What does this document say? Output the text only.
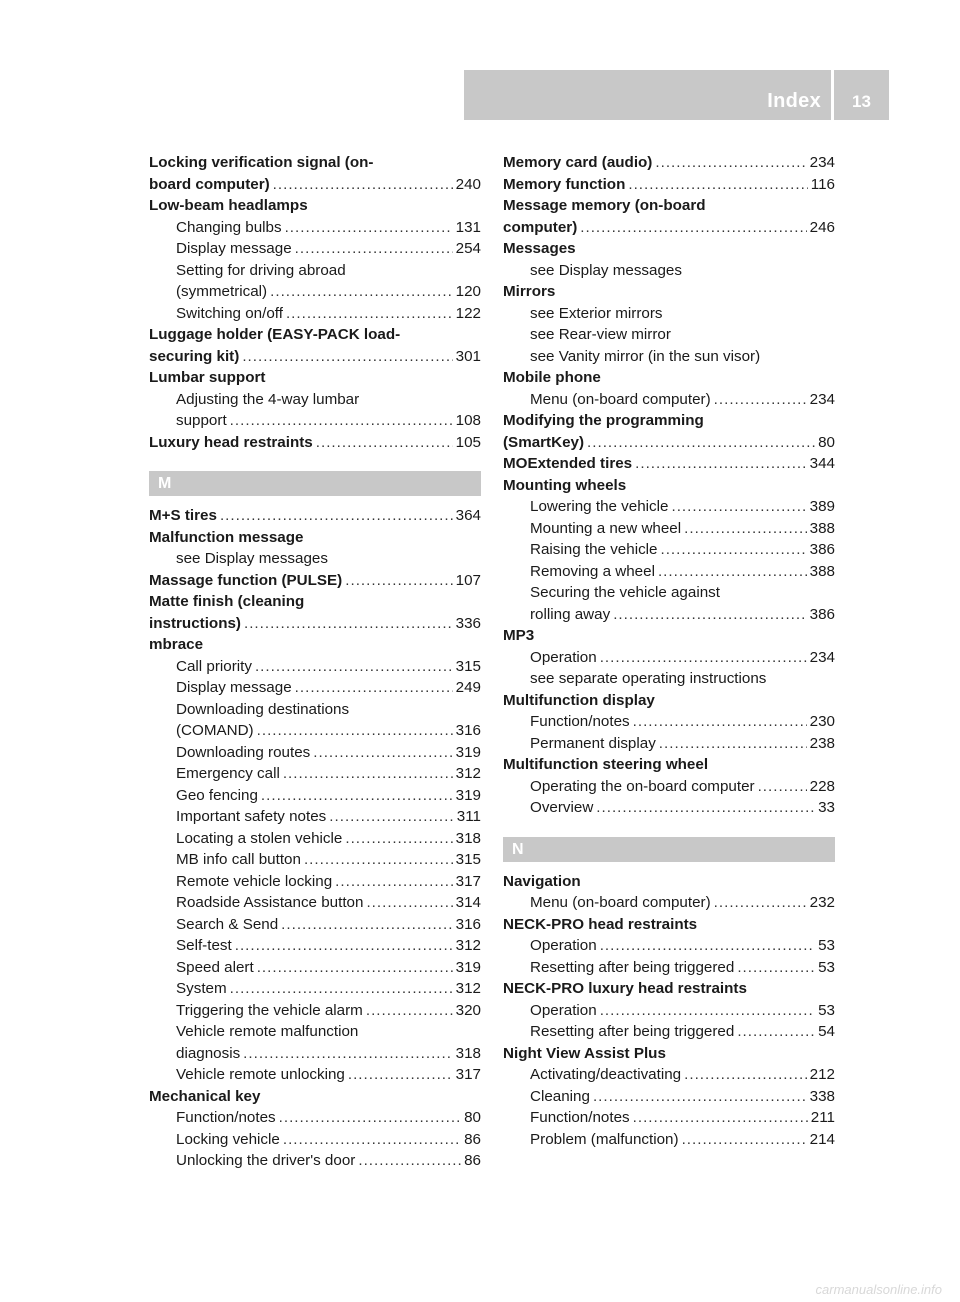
Index	13
Locking verification signal (on-
board computer) .....	240
Low-beam headlamps
Changing bulbs .....	131
Display message .....	254
Setting for driving abroad
(symmetrical) .....	120
Switching on/off .....	122
Luggage holder (EASY-PACK load-
securing kit) .....	301
Lumbar support
Adjusting the 4-way lumbar
support .....	108
Luxury head restraints .....	105
M
M+S tires .....	364
Malfunction message
see Display messages
Massage function (PULSE) .....	107
Matte finish (cleaning
instructions) .....	336
mbrace
Call priority .....	315
Display message .....	249
Downloading destinations
(COMAND) .....	316
Downloading routes .....	319
Emergency call .....	312
Geo fencing .....	319
Important safety notes .....	311
Locating a stolen vehicle .....	318
MB info call button .....	315
Remote vehicle locking .....	317
Roadside Assistance button .....	314
Search & Send .....	316
Self-test .....	312
Speed alert .....	319
System .....	312
Triggering the vehicle alarm .....	320
Vehicle remote malfunction
diagnosis .....	318
Vehicle remote unlocking .....	317
Mechanical key
Function/notes .....	80
Locking vehicle .....	86
Unlocking the driver's door .....	86
Memory card (audio) .....	234
Memory function .....	116
Message memory (on-board
computer) .....	246
Messages
see Display messages
Mirrors
see Exterior mirrors
see Rear-view mirror
see Vanity mirror (in the sun visor)
Mobile phone
Menu (on-board computer) .....	234
Modifying the programming
(SmartKey) .....	80
MOExtended tires .....	344
Mounting wheels
Lowering the vehicle .....	389
Mounting a new wheel .....	388
Raising the vehicle .....	386
Removing a wheel .....	388
Securing the vehicle against
rolling away .....	386
MP3
Operation .....	234
see separate operating instructions
Multifunction display
Function/notes .....	230
Permanent display .....	238
Multifunction steering wheel
Operating the on-board computer .....	228
Overview .....	33
N
Navigation
Menu (on-board computer) .....	232
NECK-PRO head restraints
Operation .....	53
Resetting after being triggered .....	53
NECK-PRO luxury head restraints
Operation .....	53
Resetting after being triggered .....	54
Night View Assist Plus
Activating/deactivating .....	212
Cleaning .....	338
Function/notes .....	211
Problem (malfunction) .....	214
carmanualsonline.info
